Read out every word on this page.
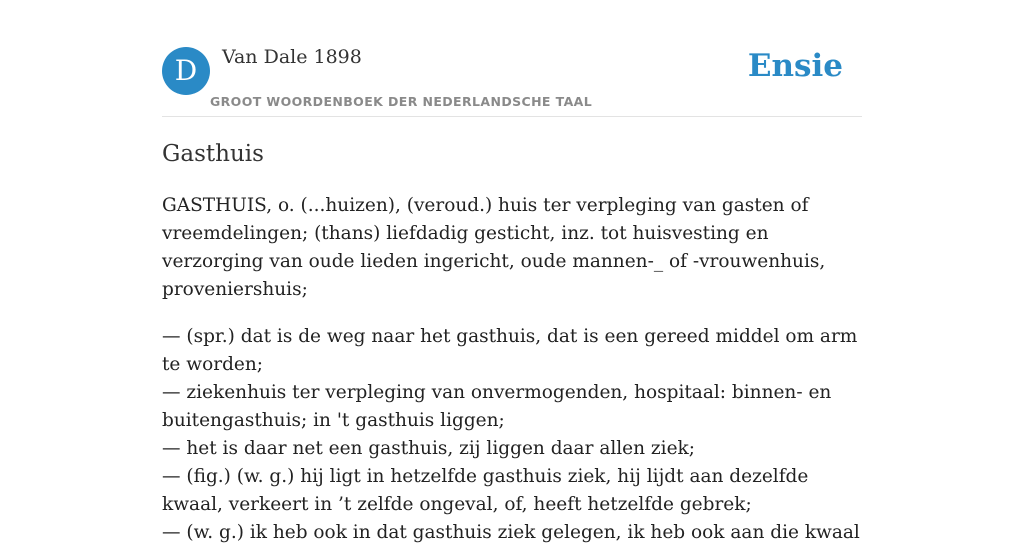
D	Van Dale 1898
GROOT WOORDENBOEK DER NEDERLANDSCHE TAAL
Ensie
Gasthuis

GASTHUIS, o. (...huizen), (veroud.) huis ter verpleging van gasten of vreemdelingen; (thans) liefdadig gesticht, inz. tot huisvesting en verzorging van oude lieden ingericht, oude mannen-_ of -vrouwenhuis, proveniershuis;

— (spr.) dat is de weg naar het gasthuis, dat is een gereed middel om arm te worden;

— ziekenhuis ter verpleging van onvermogenden, hospitaal: binnen- en buitengasthuis; in 't gasthuis liggen;

— het is daar net een gasthuis, zij liggen daar allen ziek;

— (fig.) (w. g.) hij ligt in hetzelfde gasthuis ziek, hij lijdt aan dezelfde kwaal, verkeert in ’t zelfde ongeval, of, heeft hetzelfde gebrek;

— (w. g.) ik heb ook in dat gasthuis ziek gelegen, ik heb ook aan die kwaal
